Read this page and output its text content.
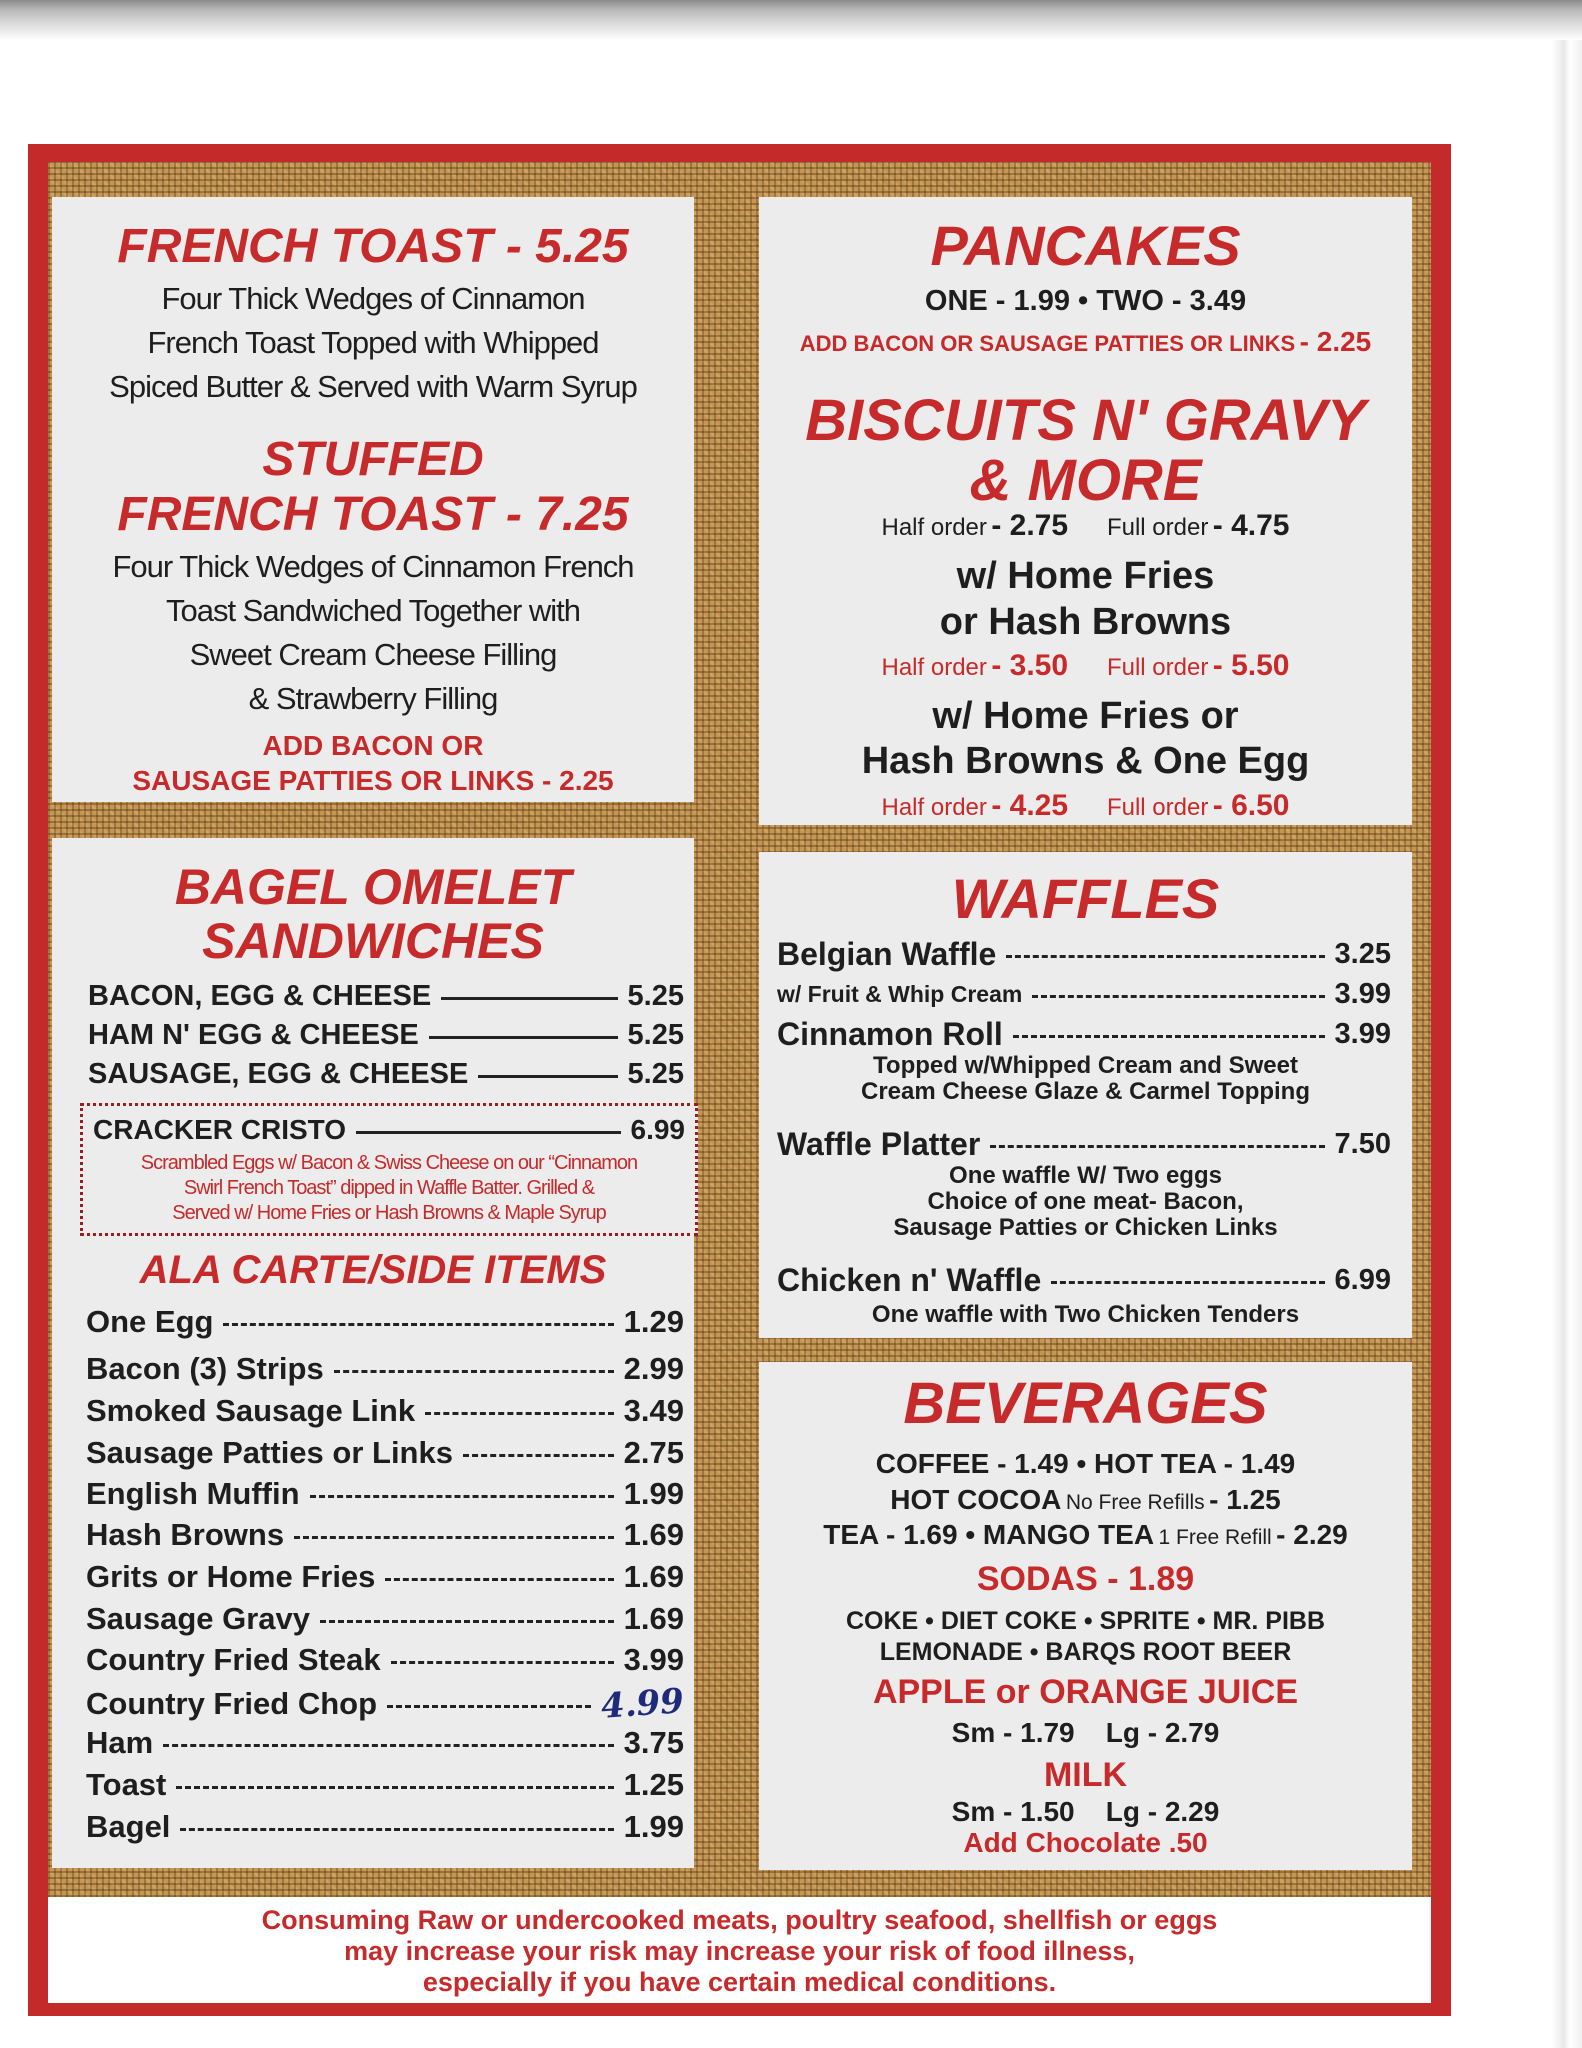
FRENCH TOAST - 5.25
Four Thick Wedges of Cinnamon
French Toast Topped with Whipped
Spiced Butter & Served with Warm Syrup
STUFFED
FRENCH TOAST - 7.25
Four Thick Wedges of Cinnamon French
Toast Sandwiched Together with
Sweet Cream Cheese Filling
& Strawberry Filling
ADD BACON OR
SAUSAGE PATTIES OR LINKS - 2.25
PANCAKES
ONE - 1.99 • TWO - 3.49
ADD BACON OR SAUSAGE PATTIES OR LINKS - 2.25
BISCUITS N' GRAVY
& MORE
Half order - 2.75 Full order - 4.75
w/ Home Fries
or Hash Browns
Half order - 3.50 Full order - 5.50
w/ Home Fries or
Hash Browns & One Egg
Half order - 4.25 Full order - 6.50
BAGEL OMELET
SANDWICHES
BACON, EGG & CHEESE	5.25
HAM N' EGG & CHEESE	5.25
SAUSAGE, EGG & CHEESE	5.25
ALA CARTE/SIDE ITEMS
One Egg	1.29
Bacon (3) Strips	2.99
Smoked Sausage Link	3.49
Sausage Patties or Links	2.75
English Muffin	1.99
Hash Browns	1.69
Grits or Home Fries	1.69
Sausage Gravy	1.69
Country Fried Steak	3.99
Country Fried Chop	4.99
Ham	3.75
Toast	1.25
Bagel	1.99
CRACKER CRISTO	6.99
Scrambled Eggs w/ Bacon & Swiss Cheese on our “Cinnamon
Swirl French Toast” dipped in Waffle Batter. Grilled &
Served w/ Home Fries or Hash Browns & Maple Syrup
WAFFLES
Belgian Waffle	3.25
w/ Fruit & Whip Cream	3.99
Cinnamon Roll	3.99
Topped w/Whipped Cream and Sweet
Cream Cheese Glaze & Carmel Topping
Waffle Platter	7.50
One waffle W/ Two eggs
Choice of one meat- Bacon,
Sausage Patties or Chicken Links
Chicken n' Waffle	6.99
One waffle with Two Chicken Tenders
BEVERAGES
COFFEE - 1.49 • HOT TEA - 1.49
HOT COCOA No Free Refills - 1.25
TEA - 1.69 • MANGO TEA 1 Free Refill - 2.29
SODAS - 1.89
COKE • DIET COKE • SPRITE • MR. PIBB
LEMONADE • BARQS ROOT BEER
APPLE or ORANGE JUICE
Sm - 1.79    Lg - 2.79
MILK
Sm - 1.50    Lg - 2.29
Add Chocolate .50
Consuming Raw or undercooked meats, poultry seafood, shellfish or eggs
may increase your risk may increase your risk of food illness,
especially if you have certain medical conditions.
